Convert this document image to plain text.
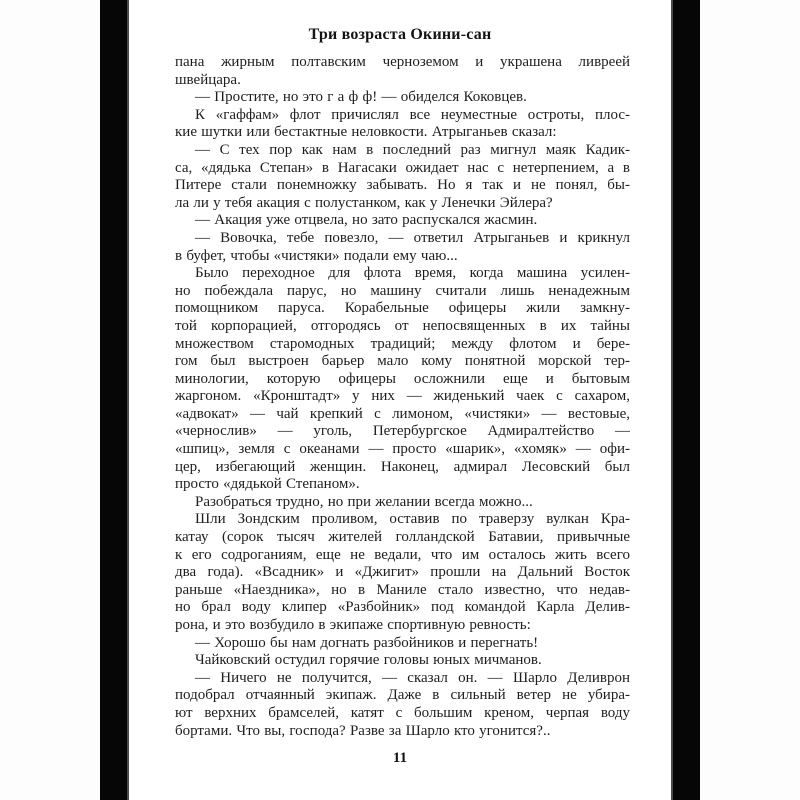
Три возраста Окини-сан
пана жирным полтавским черноземом и украшена ливреей
швейцара.
— Простите, но это г а ф ф! — обиделся Коковцев.
К «гаффам» флот причислял все неуместные остроты, плос-
кие шутки или бестактные неловкости. Атрыганьев сказал:
— С тех пор как нам в последний раз мигнул маяк Кадик-
са, «дядька Степан» в Нагасаки ожидает нас с нетерпением, а в
Питере стали понемножку забывать. Но я так и не понял, бы-
ла ли у тебя акация с полустанком, как у Ленечки Эйлера?
— Акация уже отцвела, но зато распускался жасмин.
— Вовочка, тебе повезло, — ответил Атрыганьев и крикнул
в буфет, чтобы «чистяки» подали ему чаю...
Было переходное для флота время, когда машина усилен-
но побеждала парус, но машину считали лишь ненадежным
помощником паруса. Корабельные офицеры жили замкну-
той корпорацией, отгородясь от непосвященных в их тайны
множеством старомодных традиций; между флотом и бере-
гом был выстроен барьер мало кому понятной морской тер-
минологии, которую офицеры осложнили еще и бытовым
жаргоном. «Кронштадт» у них — жиденький чаек с сахаром,
«адвокат» — чай крепкий с лимоном, «чистяки» — вестовые,
«чернослив» — уголь, Петербургское Адмиралтейство —
«шпиц», земля с океанами — просто «шарик», «хомяк» — офи-
цер, избегающий женщин. Наконец, адмирал Лесовский был
просто «дядькой Степаном».
Разобраться трудно, но при желании всегда можно...
Шли Зондским проливом, оставив по траверзу вулкан Кра-
катау (сорок тысяч жителей голландской Батавии, привычные
к его содроганиям, еще не ведали, что им осталось жить всего
два года). «Всадник» и «Джигит» прошли на Дальний Восток
раньше «Наездника», но в Маниле стало известно, что недав-
но брал воду клипер «Разбойник» под командой Карла Делив-
рона, и это возбудило в экипаже спортивную ревность:
— Хорошо бы нам догнать разбойников и перегнать!
Чайковский остудил горячие головы юных мичманов.
— Ничего не получится, — сказал он. — Шарло Деливрон
подобрал отчаянный экипаж. Даже в сильный ветер не убира-
ют верхних брамселей, катят с большим креном, черпая воду
бортами. Что вы, господа? Разве за Шарло кто угонится?..
11
